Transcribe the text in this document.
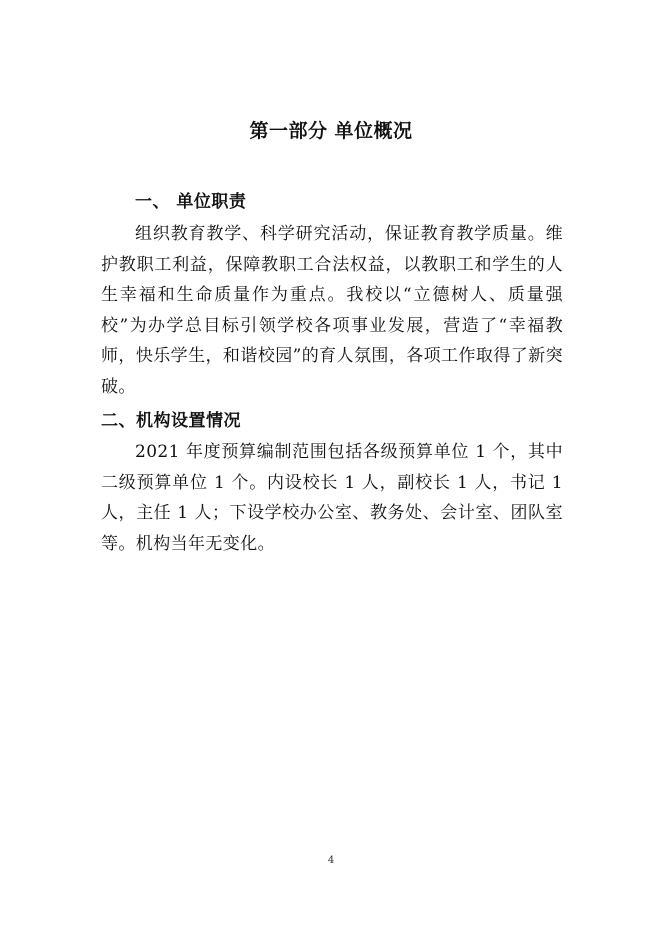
第一部分 单位概况
一、 单位职责

组织教育教学、科学研究活动，保证教育教学质量。维护教职工利益，保障教职工合法权益，以教职工和学生的人生幸福和生命质量作为重点。我校以“立德树人、质量强校”为办学总目标引领学校各项事业发展，营造了“幸福教师，快乐学生，和谐校园”的育人氛围，各项工作取得了新突破。

二、机构设置情况

2021 年度预算编制范围包括各级预算单位 1 个，其中二级预算单位 1 个。内设校长 1 人，副校长 1 人，书记 1 人，主任 1 人；下设学校办公室、教务处、会计室、团队室等。机构当年无变化。

4
